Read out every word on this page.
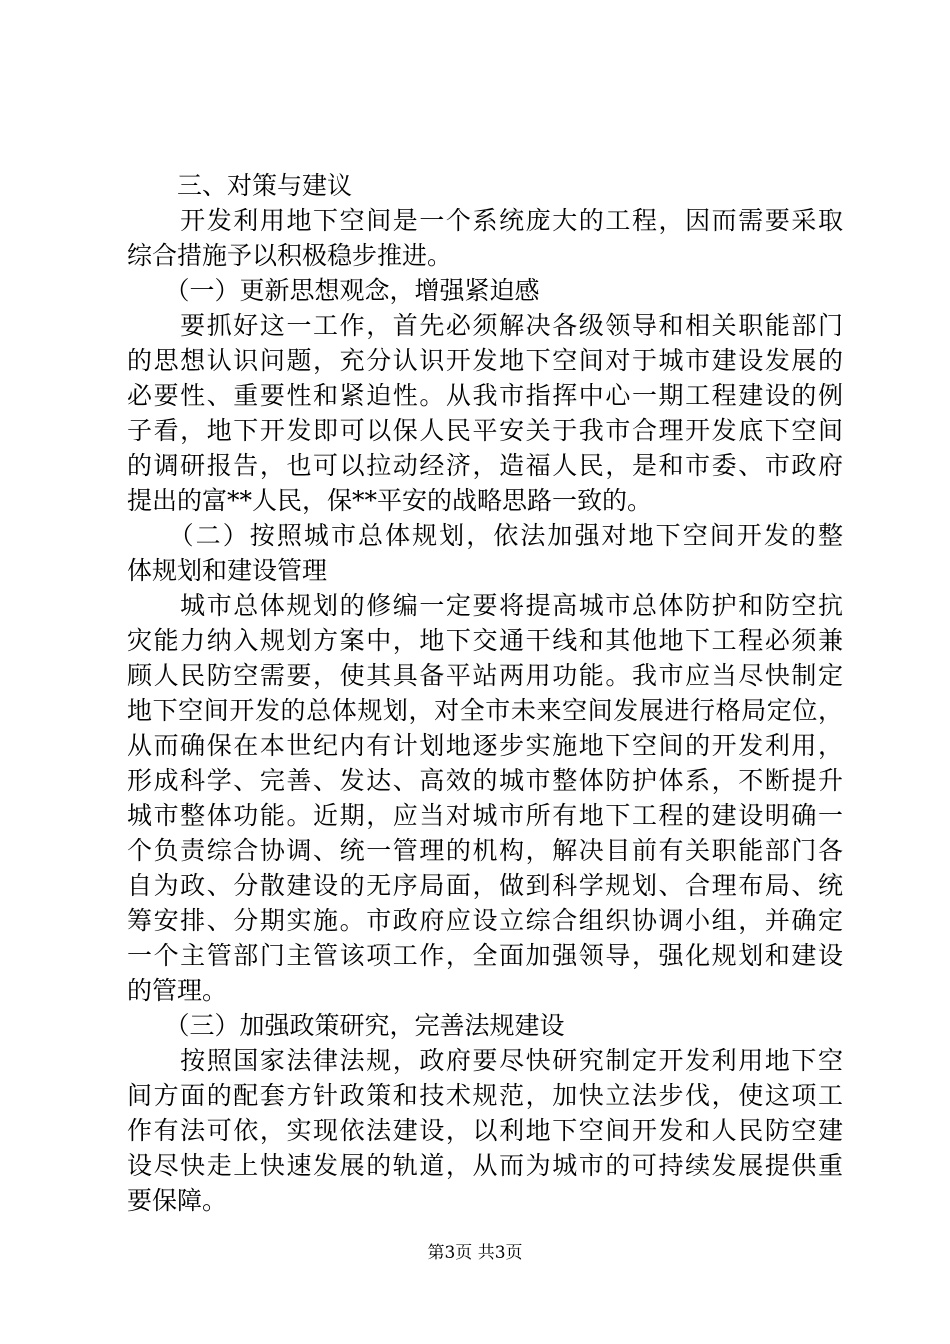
　　三、对策与建议
　　开发利用地下空间是一个系统庞大的工程，因而需要采取
综合措施予以积极稳步推进。
　　（一）更新思想观念，增强紧迫感
　　要抓好这一工作，首先必须解决各级领导和相关职能部门
的思想认识问题，充分认识开发地下空间对于城市建设发展的
必要性、重要性和紧迫性。从我市指挥中心一期工程建设的例
子看，地下开发即可以保人民平安关于我市合理开发底下空间
的调研报告，也可以拉动经济，造福人民，是和市委、市政府
提出的富**人民，保**平安的战略思路一致的。
　　（二）按照城市总体规划，依法加强对地下空间开发的整
体规划和建设管理
　　城市总体规划的修编一定要将提高城市总体防护和防空抗
灾能力纳入规划方案中，地下交通干线和其他地下工程必须兼
顾人民防空需要，使其具备平站两用功能。我市应当尽快制定
地下空间开发的总体规划，对全市未来空间发展进行格局定位，
从而确保在本世纪内有计划地逐步实施地下空间的开发利用，
形成科学、完善、发达、高效的城市整体防护体系，不断提升
城市整体功能。近期，应当对城市所有地下工程的建设明确一
个负责综合协调、统一管理的机构，解决目前有关职能部门各
自为政、分散建设的无序局面，做到科学规划、合理布局、统
筹安排、分期实施。市政府应设立综合组织协调小组，并确定
一个主管部门主管该项工作，全面加强领导，强化规划和建设
的管理。
　　（三）加强政策研究，完善法规建设
　　按照国家法律法规，政府要尽快研究制定开发利用地下空
间方面的配套方针政策和技术规范，加快立法步伐，使这项工
作有法可依，实现依法建设，以利地下空间开发和人民防空建
设尽快走上快速发展的轨道，从而为城市的可持续发展提供重
要保障。
第3页 共3页
